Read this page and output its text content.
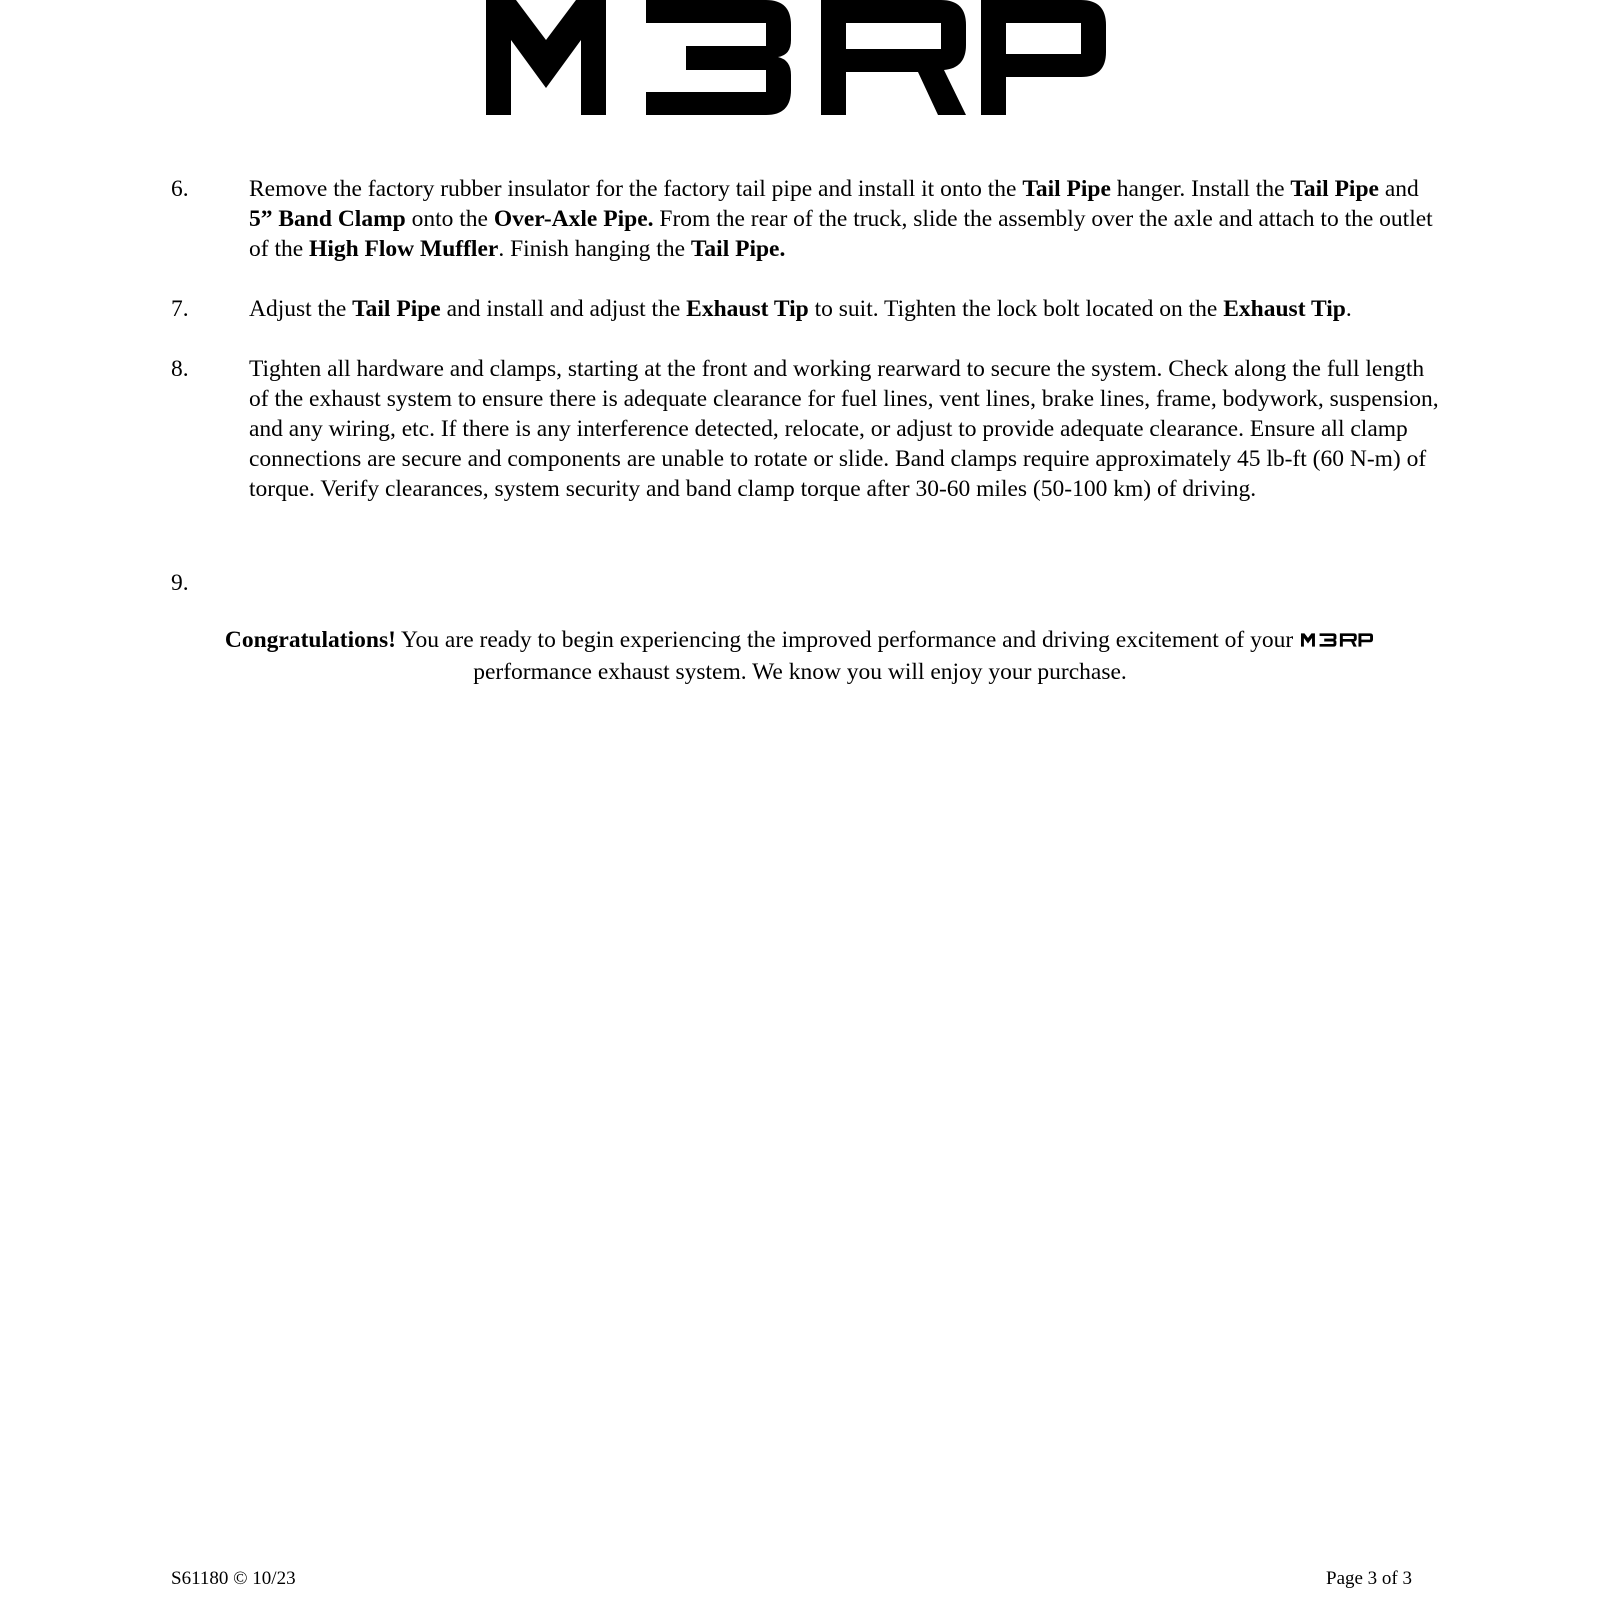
6.	Remove the factory rubber insulator for the factory tail pipe and install it onto the Tail Pipe hanger. Install the Tail Pipe and 5” Band Clamp onto the Over-Axle Pipe. From the rear of the truck, slide the assembly over the axle and attach to the outlet of the High Flow Muffler. Finish hanging the Tail Pipe.
7.	Adjust the Tail Pipe and install and adjust the Exhaust Tip to suit. Tighten the lock bolt located on the Exhaust Tip.
8.	Tighten all hardware and clamps, starting at the front and working rearward to secure the system. Check along the full length of the exhaust system to ensure there is adequate clearance for fuel lines, vent lines, brake lines, frame, bodywork, suspension, and any wiring, etc. If there is any interference detected, relocate, or adjust to provide adequate clearance. Ensure all clamp connections are secure and components are unable to rotate or slide. Band clamps require approximately 45 lb-ft (60 N-m) of torque. Verify clearances, system security and band clamp torque after 30-60 miles (50-100 km) of driving.
9.
Congratulations! You are ready to begin experiencing the improved performance and driving excitement of your  performance exhaust system. We know you will enjoy your purchase.
S61180 © 10/23	Page 3 of 3
